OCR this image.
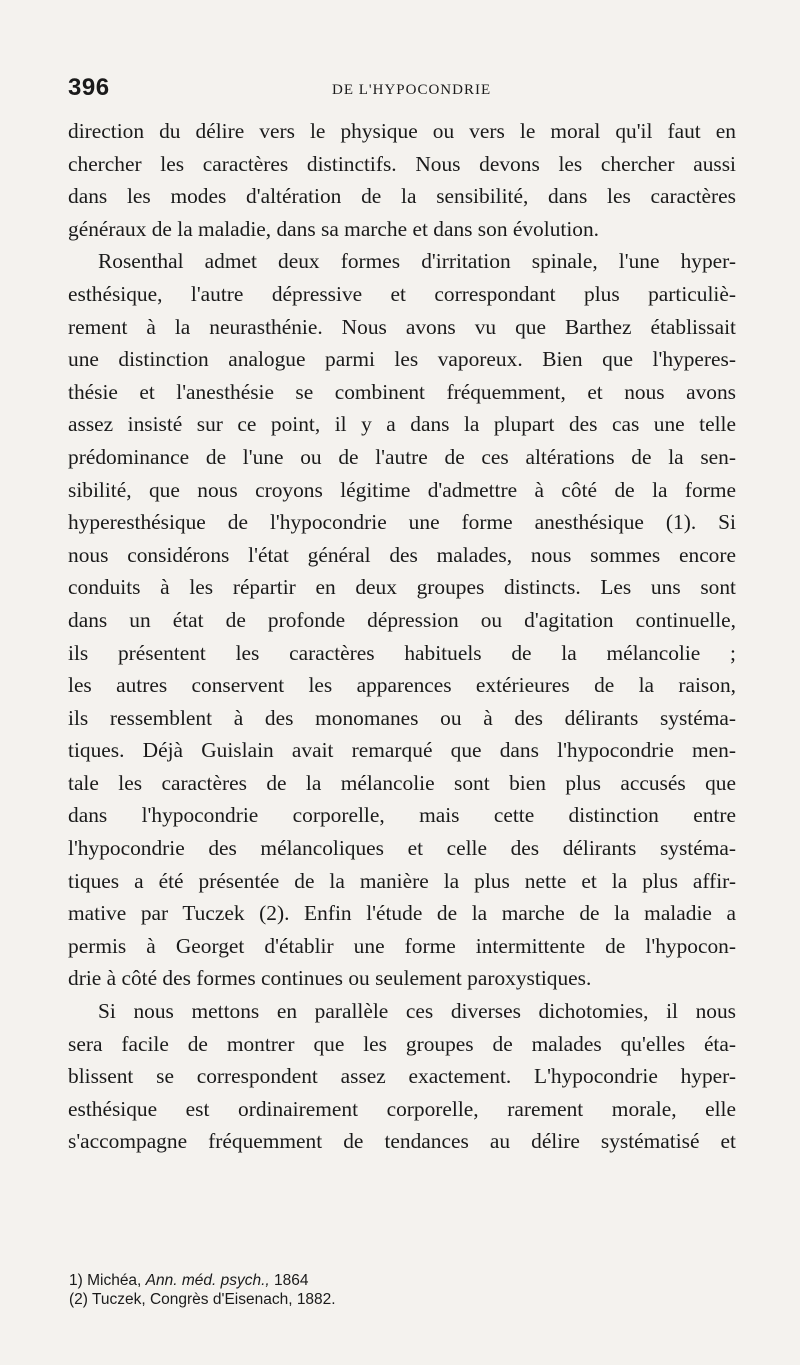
396	DE L'HYPOCONDRIE
direction du délire vers le physique ou vers le moral qu'il faut en
chercher les caractères distinctifs. Nous devons les chercher aussi
dans les modes d'altération de la sensibilité, dans les caractères
généraux de la maladie, dans sa marche et dans son évolution.
Rosenthal admet deux formes d'irritation spinale, l'une hyper-
esthésique, l'autre dépressive et correspondant plus particuliè-
rement à la neurasthénie. Nous avons vu que Barthez établissait
une distinction analogue parmi les vaporeux. Bien que l'hyperes-
thésie et l'anesthésie se combinent fréquemment, et nous avons
assez insisté sur ce point, il y a dans la plupart des cas une telle
prédominance de l'une ou de l'autre de ces altérations de la sen-
sibilité, que nous croyons légitime d'admettre à côté de la forme
hyperesthésique de l'hypocondrie une forme anesthésique (1). Si
nous considérons l'état général des malades, nous sommes encore
conduits à les répartir en deux groupes distincts. Les uns sont
dans un état de profonde dépression ou d'agitation continuelle,
ils présentent les caractères habituels de la mélancolie ;
les autres conservent les apparences extérieures de la raison,
ils ressemblent à des monomanes ou à des délirants systéma-
tiques. Déjà Guislain avait remarqué que dans l'hypocondrie men-
tale les caractères de la mélancolie sont bien plus accusés que
dans l'hypocondrie corporelle, mais cette distinction entre
l'hypocondrie des mélancoliques et celle des délirants systéma-
tiques a été présentée de la manière la plus nette et la plus affir-
mative par Tuczek (2). Enfin l'étude de la marche de la maladie a
permis à Georget d'établir une forme intermittente de l'hypocon-
drie à côté des formes continues ou seulement paroxystiques.
Si nous mettons en parallèle ces diverses dichotomies, il nous
sera facile de montrer que les groupes de malades qu'elles éta-
blissent se correspondent assez exactement. L'hypocondrie hyper-
esthésique est ordinairement corporelle, rarement morale, elle
s'accompagne fréquemment de tendances au délire systématisé et
1) Michéa, Ann. méd. psych., 1864
(2) Tuczek, Congrès d'Eisenach, 1882.
